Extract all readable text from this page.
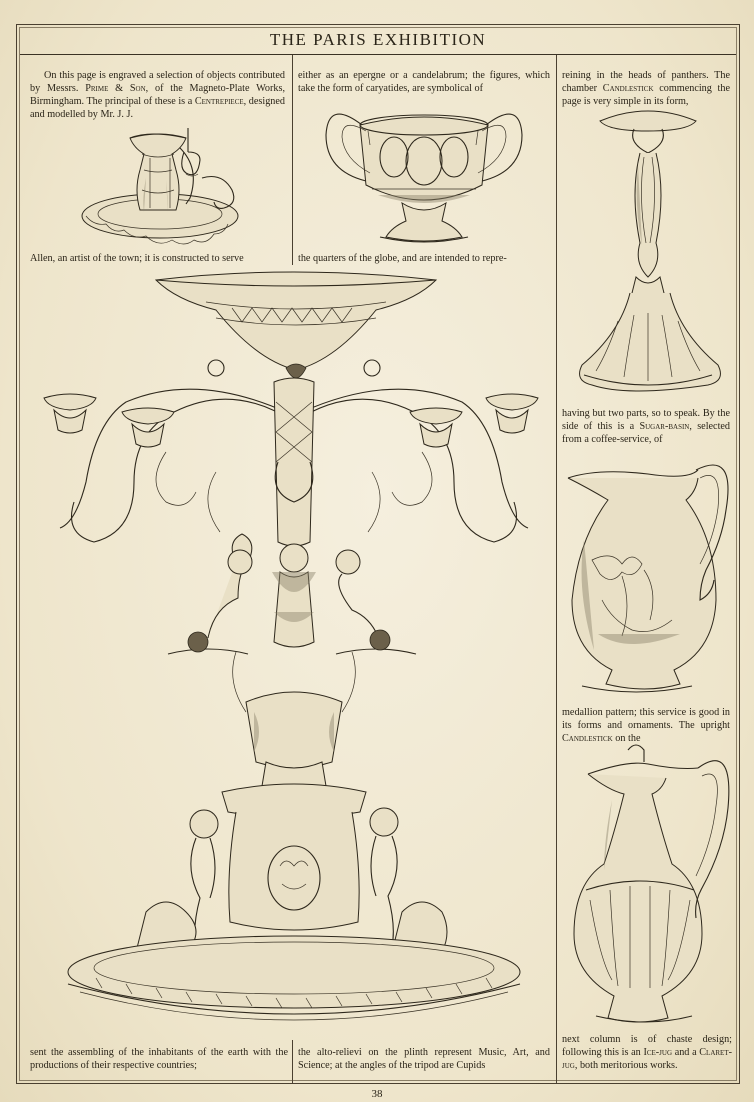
THE PARIS EXHIBITION
On this page is engraved a selection of objects contributed by Messrs. Prime & Son, of the Magneto-Plate Works, Birmingham. The principal of these is a Centrepiece, designed and modelled by Mr. J. J.
either as an epergne or a candelabrum; the figures, which take the form of caryatides, are symbolical of
reining in the heads of panthers. The chamber Candlestick commencing the page is very simple in its form,
Allen, an artist of the town; it is constructed to serve	the quarters of the globe, and are intended to repre-
having but two parts, so to speak. By the side of this is a Sugar-basin, selected from a coffee-service, of
medallion pattern; this service is good in its forms and ornaments. The upright Candlestick on the
next column is of chaste design; following this is an Ice-jug and a Claret-jug, both meritorious works.
sent the assembling of the inhabitants of the earth with the productions of their respective countries;
the alto-relievi on the plinth represent Music, Art, and Science; at the angles of the tripod are Cupids
38
